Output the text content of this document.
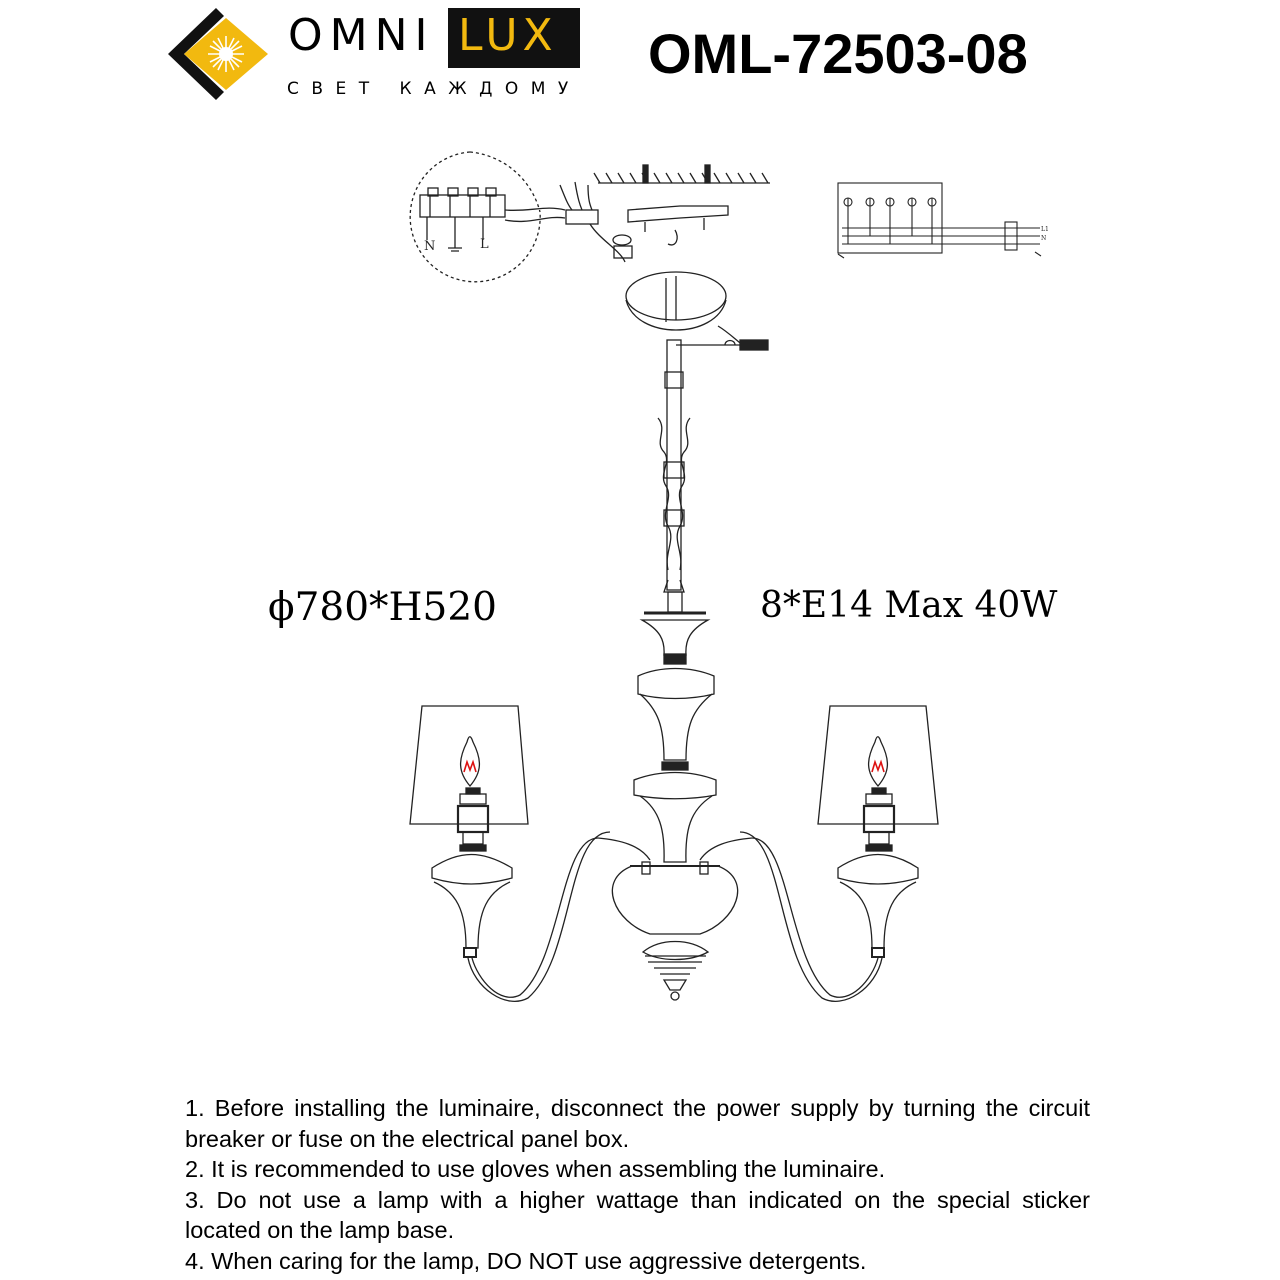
OMNI LUX
СВЕТ КАЖДОМУ
OML-72503-08
N	L
L1
N
ϕ780*H520	8*E14 Max 40W
1. Before installing the luminaire, disconnect the power supply by turning the circuit breaker or fuse on the electrical panel box.
2. It is recommended to use gloves when assembling the luminaire.
3. Do not use a lamp with a higher wattage than indicated on the special sticker located on the lamp base.
4. When caring for the lamp, DO NOT use aggressive detergents.
